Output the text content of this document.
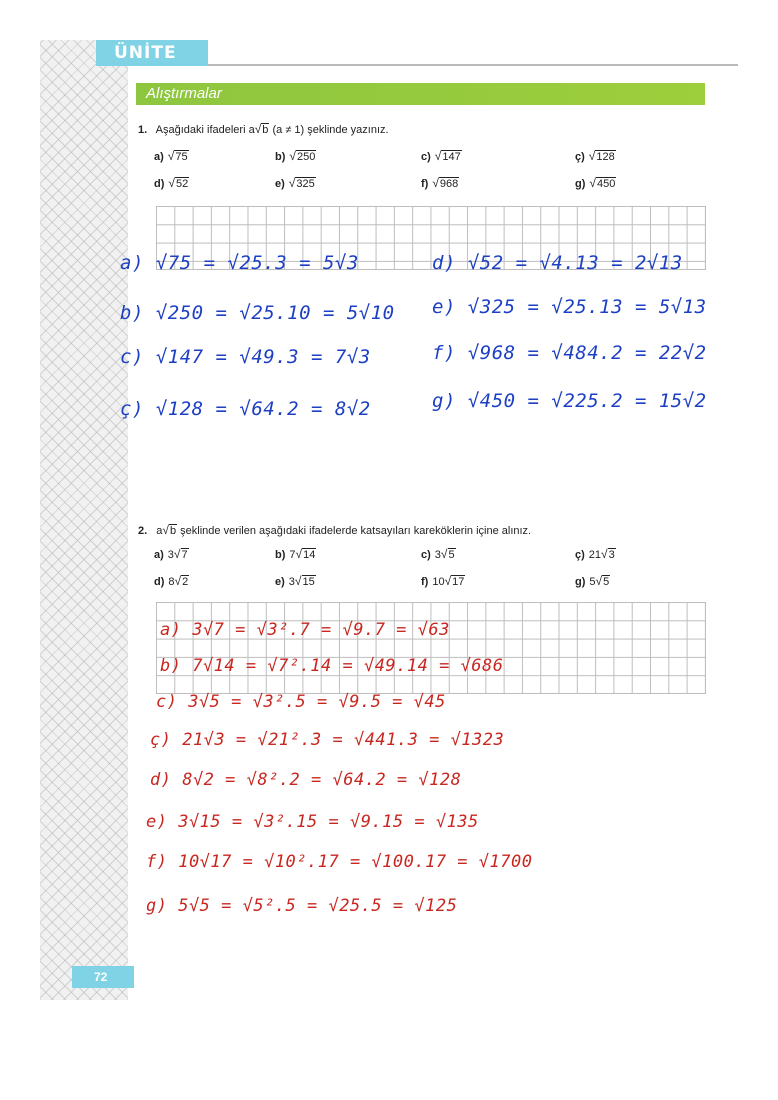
ÜNİTE
Alıştırmalar
1. Aşağıdaki ifadeleri a√b (a ≠ 1) şeklinde yazınız.
a) √75	b) √250	c) √147	ç) √128
d) √52	e) √325	f) √968	g) √450
a) √75 = √25.3 = 5√3
b) √250 = √25.10 = 5√10
c) √147 = √49.3 = 7√3
ç) √128 = √64.2 = 8√2
d) √52 = √4.13 = 2√13
e) √325 = √25.13 = 5√13
f) √968 = √484.2 = 22√2
g) √450 = √225.2 = 15√2
2. a√b şeklinde verilen aşağıdaki ifadelerde katsayıları kareköklerin içine alınız.
a) 3√7	b) 7√14	c) 3√5	ç) 21√3
d) 8√2	e) 3√15	f) 10√17	g) 5√5
a) 3√7 = √3².7 = √9.7 = √63
b) 7√14 = √7².14 = √49.14 = √686
c) 3√5 = √3².5 = √9.5 = √45
ç) 21√3 = √21².3 = √441.3 = √1323
d) 8√2 = √8².2 = √64.2 = √128
e) 3√15 = √3².15 = √9.15 = √135
f) 10√17 = √10².17 = √100.17 = √1700
g) 5√5 = √5².5 = √25.5 = √125
72
